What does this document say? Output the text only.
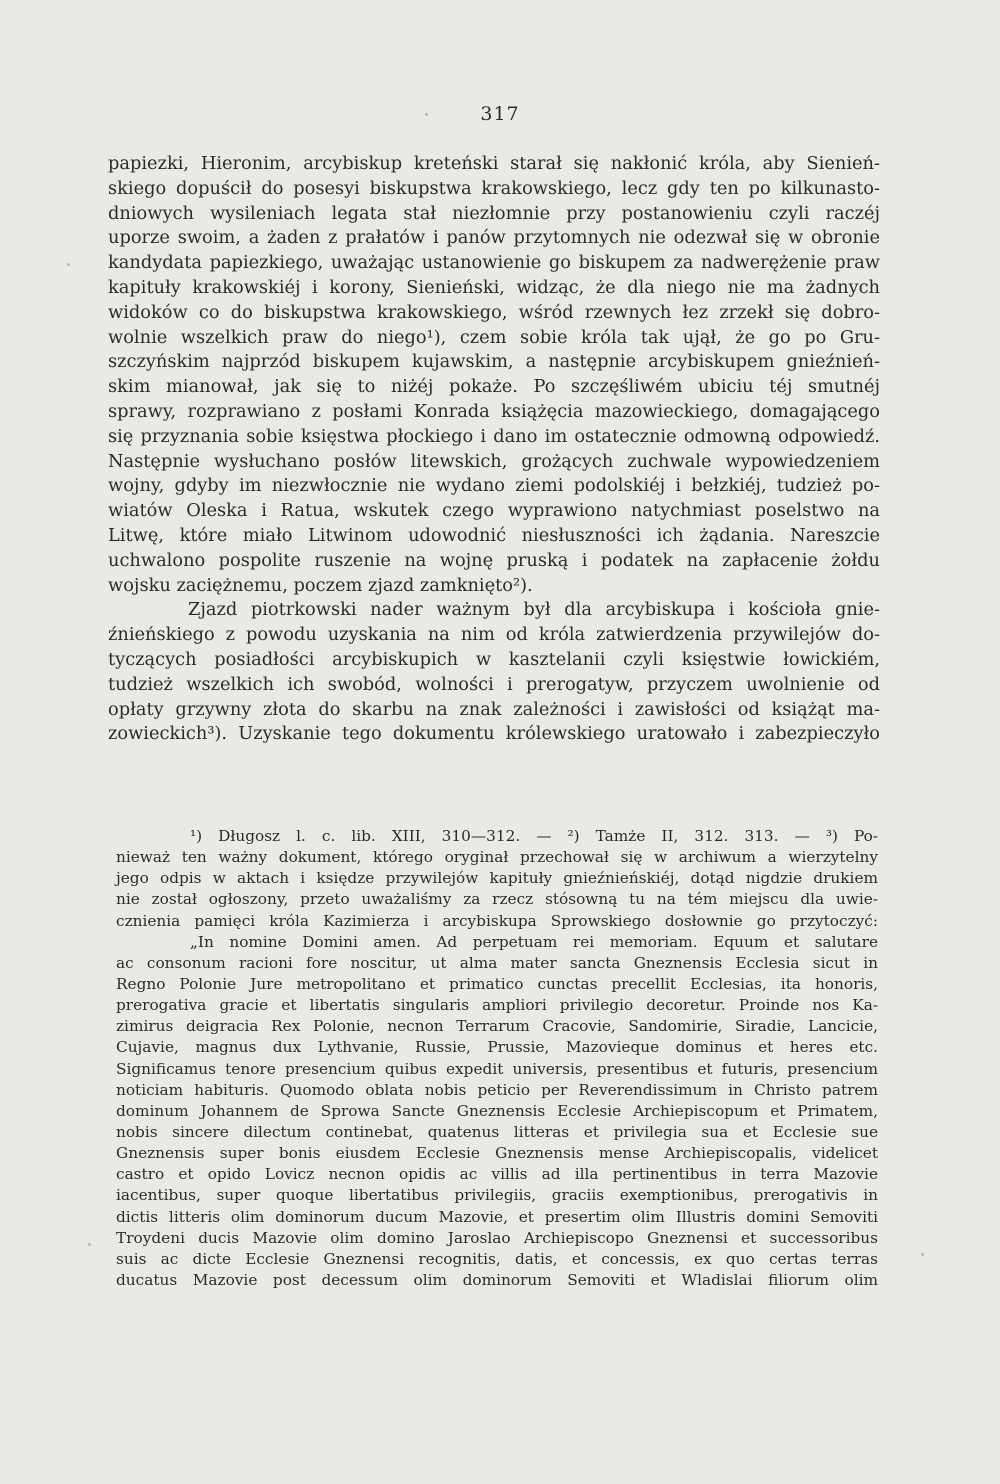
317
papiezki, Hieronim, arcybiskup kreteński starał się nakłonić króla, aby Sienień-
skiego dopuścił do posesyi biskupstwa krakowskiego, lecz gdy ten po kilkunasto-
dniowych wysileniach legata stał niezłomnie przy postanowieniu czyli raczéj
uporze swoim, a żaden z prałatów i panów przytomnych nie odezwał się w obronie
kandydata papiezkiego, uważając ustanowienie go biskupem za nadwerężenie praw
kapituły krakowskiéj i korony, Sienieński, widząc, że dla niego nie ma żadnych
widoków co do biskupstwa krakowskiego, wśród rzewnych łez zrzekł się dobro-
wolnie wszelkich praw do niego¹), czem sobie króla tak ujął, że go po Gru-
szczyńskim najprzód biskupem kujawskim, a następnie arcybiskupem gnieźnień-
skim mianował, jak się to niżéj pokaże. Po szczęśliwém ubiciu téj smutnéj
sprawy, rozprawiano z posłami Konrada książęcia mazowieckiego, domagającego
się przyznania sobie księstwa płockiego i dano im ostatecznie odmowną odpowiedź.
Następnie wysłuchano posłów litewskich, grożących zuchwale wypowiedzeniem
wojny, gdyby im niezwłocznie nie wydano ziemi podolskiéj i bełzkiéj, tudzież po-
wiatów Oleska i Ratua, wskutek czego wyprawiono natychmiast poselstwo na
Litwę, które miało Litwinom udowodnić niesłuszności ich żądania. Nareszcie
uchwalono pospolite ruszenie na wojnę pruską i podatek na zapłacenie żołdu
wojsku zaciężnemu, poczem zjazd zamknięto²).
Zjazd piotrkowski nader ważnym był dla arcybiskupa i kościoła gnie-
źnieńskiego z powodu uzyskania na nim od króla zatwierdzenia przywilejów do-
tyczących posiadłości arcybiskupich w kasztelanii czyli księstwie łowickiém,
tudzież wszelkich ich swobód, wolności i prerogatyw, przyczem uwolnienie od
opłaty grzywny złota do skarbu na znak zależności i zawisłości od książąt ma-
zowieckich³). Uzyskanie tego dokumentu królewskiego uratowało i zabezpieczyło
¹) Długosz l. c. lib. XIII, 310—312. — ²) Tamże II, 312. 313. — ³) Po-
nieważ ten ważny dokument, którego oryginał przechował się w archiwum a wierzytelny
jego odpis w aktach i księdze przywilejów kapituły gnieźnieńskiéj, dotąd nigdzie drukiem
nie został ogłoszony, przeto uważaliśmy za rzecz stósowną tu na tém miejscu dla uwie-
cznienia pamięci króla Kazimierza i arcybiskupa Sprowskiego dosłownie go przytoczyć:
„In nomine Domini amen. Ad perpetuam rei memoriam. Equum et salutare
ac consonum racioni fore noscitur, ut alma mater sancta Gneznensis Ecclesia sicut in
Regno Polonie Jure metropolitano et primatico cunctas precellit Ecclesias, ita honoris,
prerogativa gracie et libertatis singularis ampliori privilegio decoretur. Proinde nos Ka-
zimirus deigracia Rex Polonie, necnon Terrarum Cracovie, Sandomirie, Siradie, Lancicie,
Cujavie, magnus dux Lythvanie, Russie, Prussie, Mazovieque dominus et heres etc.
Significamus tenore presencium quibus expedit universis, presentibus et futuris, presencium
noticiam habituris. Quomodo oblata nobis peticio per Reverendissimum in Christo patrem
dominum Johannem de Sprowa Sancte Gneznensis Ecclesie Archiepiscopum et Primatem,
nobis sincere dilectum continebat, quatenus litteras et privilegia sua et Ecclesie sue
Gneznensis super bonis eiusdem Ecclesie Gneznensis mense Archiepiscopalis, videlicet
castro et opido Lovicz necnon opidis ac villis ad illa pertinentibus in terra Mazovie
iacentibus, super quoque libertatibus privilegiis, graciis exemptionibus, prerogativis in
dictis litteris olim dominorum ducum Mazovie, et presertim olim Illustris domini Semoviti
Troydeni ducis Mazovie olim domino Jaroslao Archiepiscopo Gneznensi et successoribus
suis ac dicte Ecclesie Gneznensi recognitis, datis, et concessis, ex quo certas terras
ducatus Mazovie post decessum olim dominorum Semoviti et Wladislai filiorum olim
